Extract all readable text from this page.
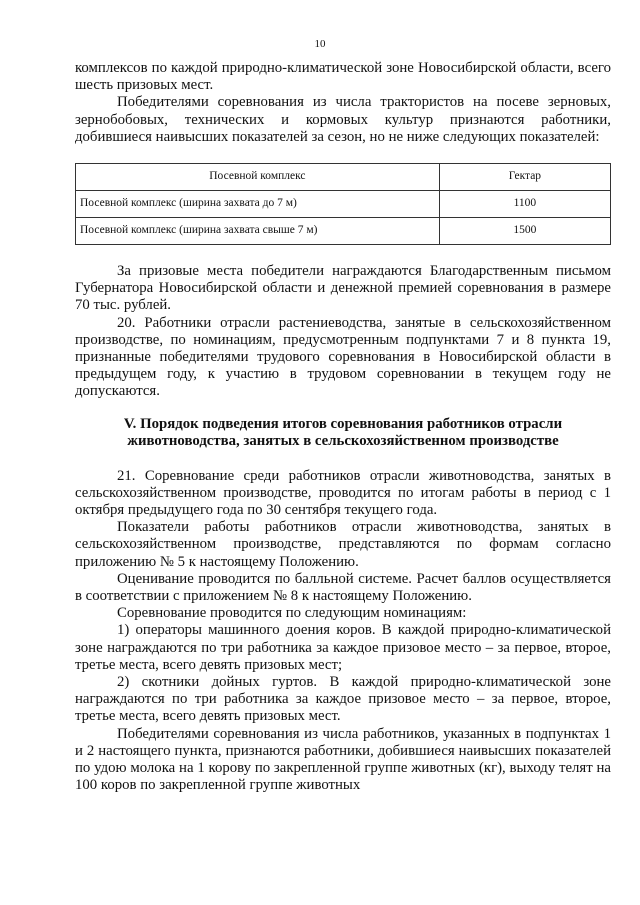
10

комплексов по каждой природно-климатической зоне Новосибирской области, всего шесть призовых мест.

Победителями соревнования из числа трактористов на посеве зерновых, зернобобовых, технических и кормовых культур признаются работники, добившиеся наивысших показателей за сезон, но не ниже следующих показателей:

Посевной комплекс	Гектар
Посевной комплекс (ширина захвата до 7 м)	1100
Посевной комплекс (ширина захвата свыше 7 м)	1500

За призовые места победители награждаются Благодарственным письмом Губернатора Новосибирской области и денежной премией соревнования в размере 70 тыс. рублей.

20. Работники отрасли растениеводства, занятые в сельскохозяйственном производстве, по номинациям, предусмотренным подпунктами 7 и 8 пункта 19, признанные победителями трудового соревнования в Новосибирской области в предыдущем году, к участию в трудовом соревновании в текущем году не допускаются.

V. Порядок подведения итогов соревнования работников отрасли животноводства, занятых в сельскохозяйственном производстве

21. Соревнование среди работников отрасли животноводства, занятых в сельскохозяйственном производстве, проводится по итогам работы в период с 1 октября предыдущего года по 30 сентября текущего года.

Показатели работы работников отрасли животноводства, занятых в сельскохозяйственном производстве, представляются по формам согласно приложению № 5 к настоящему Положению.

Оценивание проводится по балльной системе. Расчет баллов осуществляется в соответствии с приложением № 8 к настоящему Положению.

Соревнование проводится по следующим номинациям:

1) операторы машинного доения коров. В каждой природно-климатической зоне награждаются по три работника за каждое призовое место – за первое, второе, третье места, всего девять призовых мест;

2) скотники дойных гуртов. В каждой природно-климатической зоне награждаются по три работника за каждое призовое место – за первое, второе, третье места, всего девять призовых мест.

Победителями соревнования из числа работников, указанных в подпунктах 1 и 2 настоящего пункта, признаются работники, добившиеся наивысших показателей по удою молока на 1 корову по закрепленной группе животных (кг), выходу телят на 100 коров по закрепленной группе животных
